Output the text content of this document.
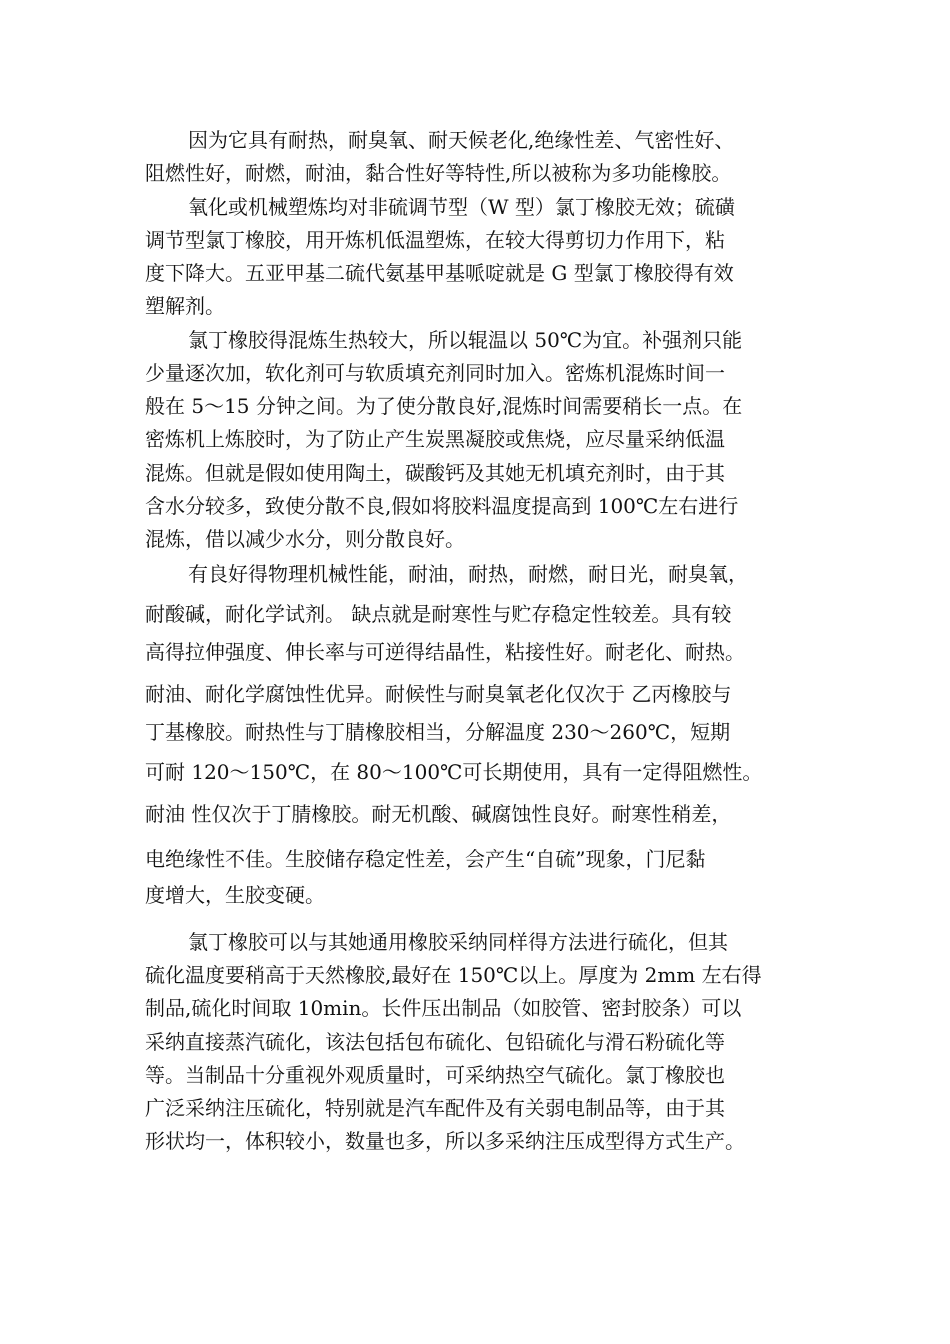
因为它具有耐热，耐臭氧、耐天候老化,绝缘性差、气密性好、
阻燃性好，耐燃，耐油，黏合性好等特性,所以被称为多功能橡胶。
氧化或机械塑炼均对非硫调节型（W 型）氯丁橡胶无效；硫磺
调节型氯丁橡胶，用开炼机低温塑炼，在较大得剪切力作用下，粘
度下降大。五亚甲基二硫代氨基甲基哌啶就是 G 型氯丁橡胶得有效
塑解剂。
氯丁橡胶得混炼生热较大，所以辊温以 50℃为宜。补强剂只能
少量逐次加，软化剂可与软质填充剂同时加入。密炼机混炼时间一
般在 5～15 分钟之间。为了使分散良好,混炼时间需要稍长一点。在
密炼机上炼胶时，为了防止产生炭黑凝胶或焦烧，应尽量采纳低温
混炼。但就是假如使用陶土，碳酸钙及其她无机填充剂时，由于其
含水分较多，致使分散不良,假如将胶料温度提高到 100℃左右进行
混炼，借以减少水分，则分散良好。
有良好得物理机械性能，耐油，耐热，耐燃，耐日光，耐臭氧，
耐酸碱，耐化学试剂。 缺点就是耐寒性与贮存稳定性较差。具有较
高得拉伸强度、伸长率与可逆得结晶性，粘接性好。耐老化、耐热。
耐油、耐化学腐蚀性优异。耐候性与耐臭氧老化仅次于 乙丙橡胶与
丁基橡胶。耐热性与丁腈橡胶相当，分解温度 230～260℃，短期
可耐 120～150℃，在 80～100℃可长期使用，具有一定得阻燃性。
耐油 性仅次于丁腈橡胶。耐无机酸、碱腐蚀性良好。耐寒性稍差，
电绝缘性不佳。生胶储存稳定性差，会产生“自硫”现象，门尼黏
度增大，生胶变硬。
氯丁橡胶可以与其她通用橡胶采纳同样得方法进行硫化，但其
硫化温度要稍高于天然橡胶,最好在 150℃以上。厚度为 2mm 左右得
制品,硫化时间取 10min。长件压出制品（如胶管、密封胶条）可以
采纳直接蒸汽硫化，该法包括包布硫化、包铅硫化与滑石粉硫化等
等。当制品十分重视外观质量时，可采纳热空气硫化。氯丁橡胶也
广泛采纳注压硫化，特别就是汽车配件及有关弱电制品等，由于其
形状均一，体积较小，数量也多，所以多采纳注压成型得方式生产。
